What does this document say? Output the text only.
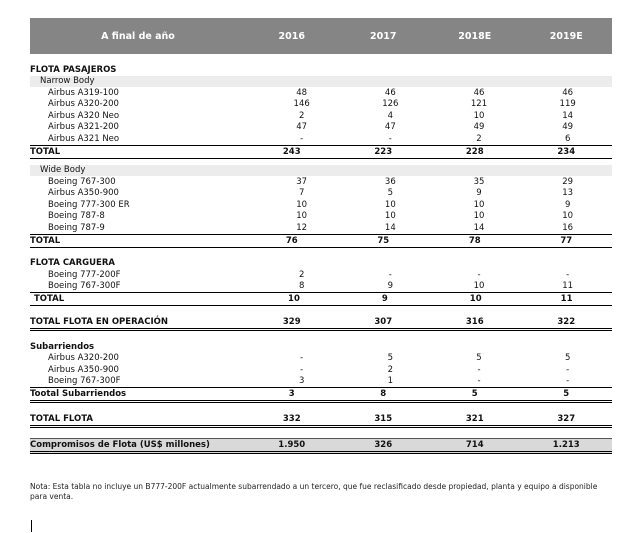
A final de año	2016	2017	2018E	2019E
FLOTA PASAJEROS
Narrow Body
Airbus A319-100	48	46	46	46
Airbus A320-200	146	126	121	119
Airbus A320 Neo	2	4	10	14
Airbus A321-200	47	47	49	49
Airbus A321 Neo	-	-	2	6
TOTAL	243	223	228	234
Wide Body
Boeing 767-300	37	36	35	29
Airbus A350-900	7	5	9	13
Boeing 777-300 ER	10	10	10	9
Boeing 787-8	10	10	10	10
Boeing 787-9	12	14	14	16
TOTAL	76	75	78	77
FLOTA CARGUERA
Boeing 777-200F	2	-	-	-
Boeing 767-300F	8	9	10	11
TOTAL	10	9	10	11
TOTAL FLOTA EN OPERACIÓN	329	307	316	322
Subarriendos
Airbus A320-200	-	5	5	5
Airbus A350-900	-	2	-	-
Boeing 767-300F	3	1	-	-
Tootal Subarriendos	3	8	5	5
TOTAL FLOTA	332	315	321	327
Compromisos de Flota (US$ millones)	1.950	326	714	1.213
Nota: Esta tabla no incluye un B777-200F actualmente subarrendado a un tercero, que fue reclasificado desde propiedad, planta y equipo a disponible para venta.
